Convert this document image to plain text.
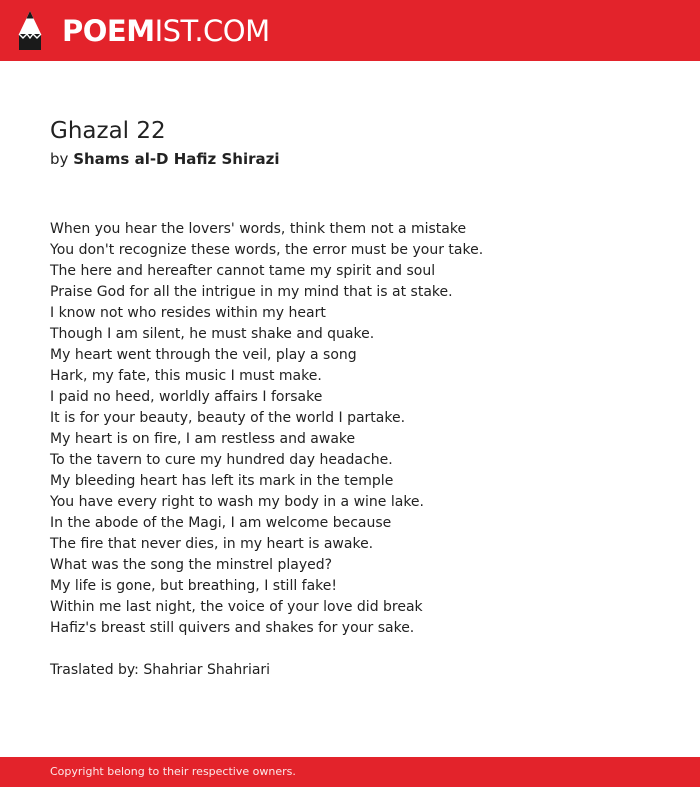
POEMIST.COM
Ghazal 22
by Shams al-D Hafiz Shirazi
When you hear the lovers' words, think them not a mistake
You don't recognize these words, the error must be your take.
The here and hereafter cannot tame my spirit and soul
Praise God for all the intrigue in my mind that is at stake.
I know not who resides within my heart
Though I am silent, he must shake and quake.
My heart went through the veil, play a song
Hark, my fate, this music I must make.
I paid no heed, worldly affairs I forsake
It is for your beauty, beauty of the world I partake.
My heart is on fire, I am restless and awake
To the tavern to cure my hundred day headache.
My bleeding heart has left its mark in the temple
You have every right to wash my body in a wine lake.
In the abode of the Magi, I am welcome because
The fire that never dies, in my heart is awake.
What was the song the minstrel played?
My life is gone, but breathing, I still fake!
Within me last night, the voice of your love did break
Hafiz's breast still quivers and shakes for your sake.
Traslated by: Shahriar Shahriari
Copyright belong to their respective owners.
